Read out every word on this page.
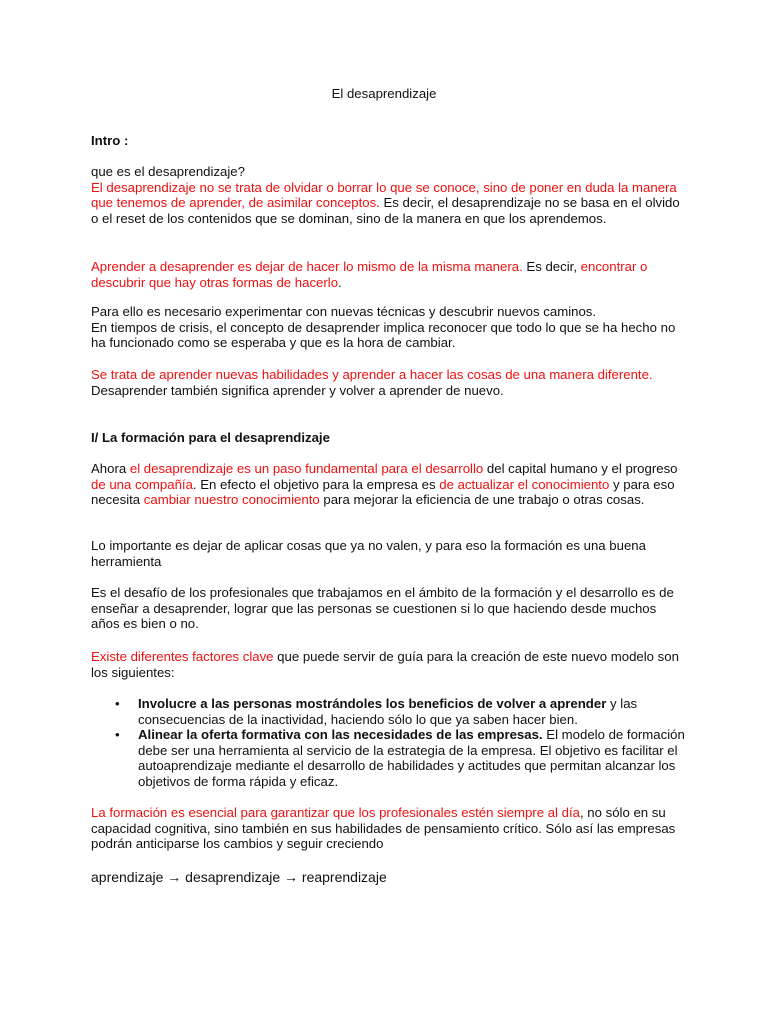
El desaprendizaje
Intro :
que es el desaprendizaje?
El desaprendizaje no se trata de olvidar o borrar lo que se conoce, sino de poner en duda la manera que tenemos de aprender, de asimilar conceptos. Es decir, el desaprendizaje no se basa en el olvido o el reset de los contenidos que se dominan, sino de la manera en que los aprendemos.
Aprender a desaprender es dejar de hacer lo mismo de la misma manera. Es decir, encontrar o descubrir que hay otras formas de hacerlo.
Para ello es necesario experimentar con nuevas técnicas y descubrir nuevos caminos.
En tiempos de crisis, el concepto de desaprender implica reconocer que todo lo que se ha hecho no ha funcionado como se esperaba y que es la hora de cambiar.
Se trata de aprender nuevas habilidades y aprender a hacer las cosas de una manera diferente. Desaprender también significa aprender y volver a aprender de nuevo.
I/ La formación para el desaprendizaje
Ahora el desaprendizaje es un paso fundamental para el desarrollo del capital humano y el progreso de una compañía. En efecto el objetivo para la empresa es de actualizar el conocimiento y para eso necesita cambiar nuestro conocimiento para mejorar la eficiencia de une trabajo o otras cosas.
Lo importante es dejar de aplicar cosas que ya no valen, y para eso la formación es una buena herramienta
Es el desafío de los profesionales que trabajamos en el ámbito de la formación y el desarrollo es de enseñar a desaprender, lograr que las personas se cuestionen si lo que haciendo desde muchos años es bien o no.
Existe diferentes factores clave que puede servir de guía para la creación de este nuevo modelo son los siguientes:
• Involucre a las personas mostrándoles los beneficios de volver a aprender y las consecuencias de la inactividad, haciendo sólo lo que ya saben hacer bien.
• Alinear la oferta formativa con las necesidades de las empresas. El modelo de formación debe ser una herramienta al servicio de la estrategia de la empresa. El objetivo es facilitar el autoaprendizaje mediante el desarrollo de habilidades y actitudes que permitan alcanzar los objetivos de forma rápida y eficaz.
La formación es esencial para garantizar que los profesionales estén siempre al día, no sólo en su capacidad cognitiva, sino también en sus habilidades de pensamiento crítico. Sólo así las empresas podrán anticiparse los cambios y seguir creciendo
aprendizaje → desaprendizaje → reaprendizaje
